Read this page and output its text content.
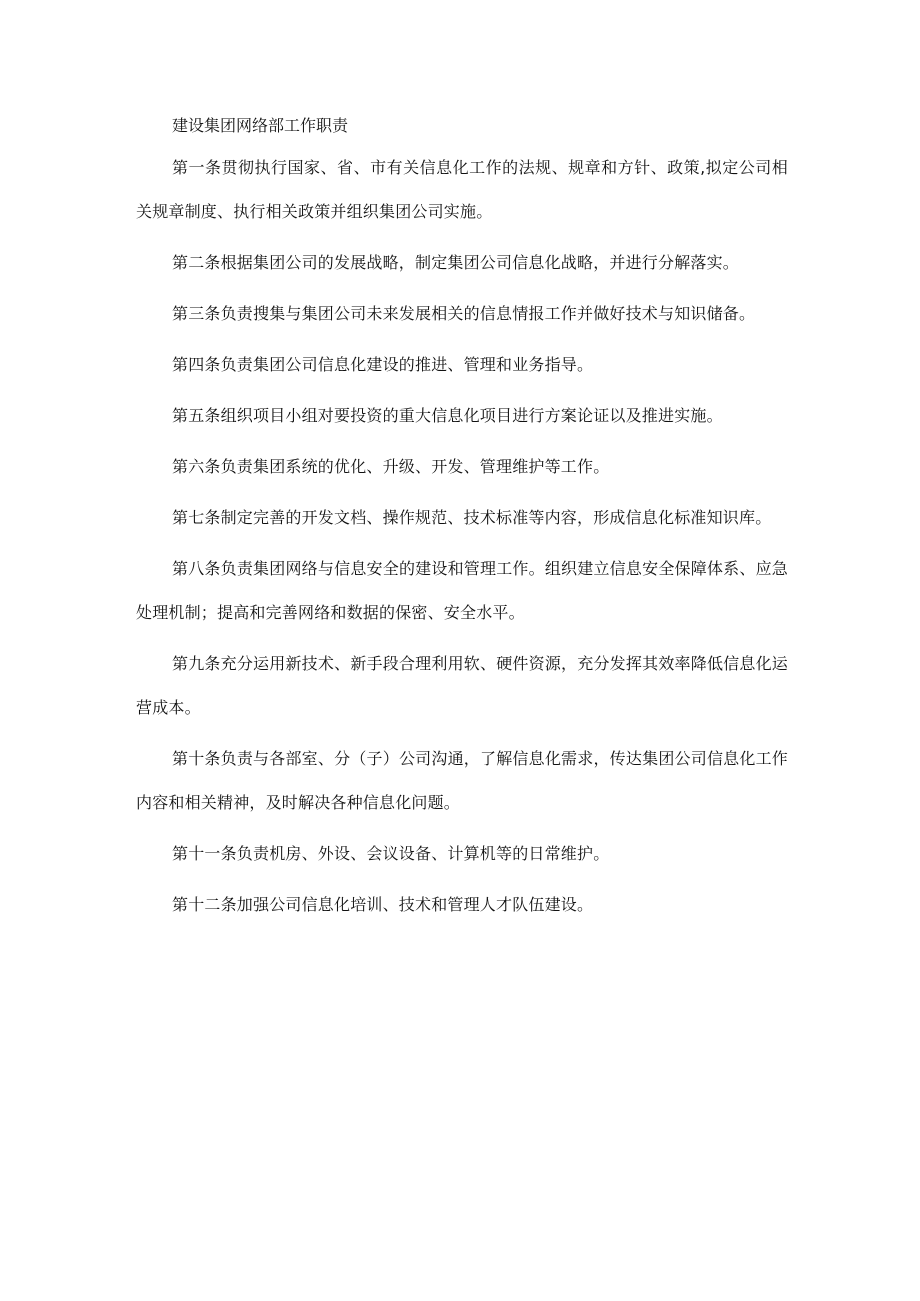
建设集团网络部工作职责

第一条贯彻执行国家、省、市有关信息化工作的法规、规章和方针、政策,拟定公司相关规章制度、执行相关政策并组织集团公司实施。

第二条根据集团公司的发展战略，制定集团公司信息化战略，并进行分解落实。

第三条负责搜集与集团公司未来发展相关的信息情报工作并做好技术与知识储备。

第四条负责集团公司信息化建设的推进、管理和业务指导。

第五条组织项目小组对要投资的重大信息化项目进行方案论证以及推进实施。

第六条负责集团系统的优化、升级、开发、管理维护等工作。

第七条制定完善的开发文档、操作规范、技术标准等内容，形成信息化标准知识库。

第八条负责集团网络与信息安全的建设和管理工作。组织建立信息安全保障体系、应急处理机制；提高和完善网络和数据的保密、安全水平。

第九条充分运用新技术、新手段合理利用软、硬件资源，充分发挥其效率降低信息化运营成本。

第十条负责与各部室、分（子）公司沟通，了解信息化需求，传达集团公司信息化工作内容和相关精神，及时解决各种信息化问题。

第十一条负责机房、外设、会议设备、计算机等的日常维护。

第十二条加强公司信息化培训、技术和管理人才队伍建设。
